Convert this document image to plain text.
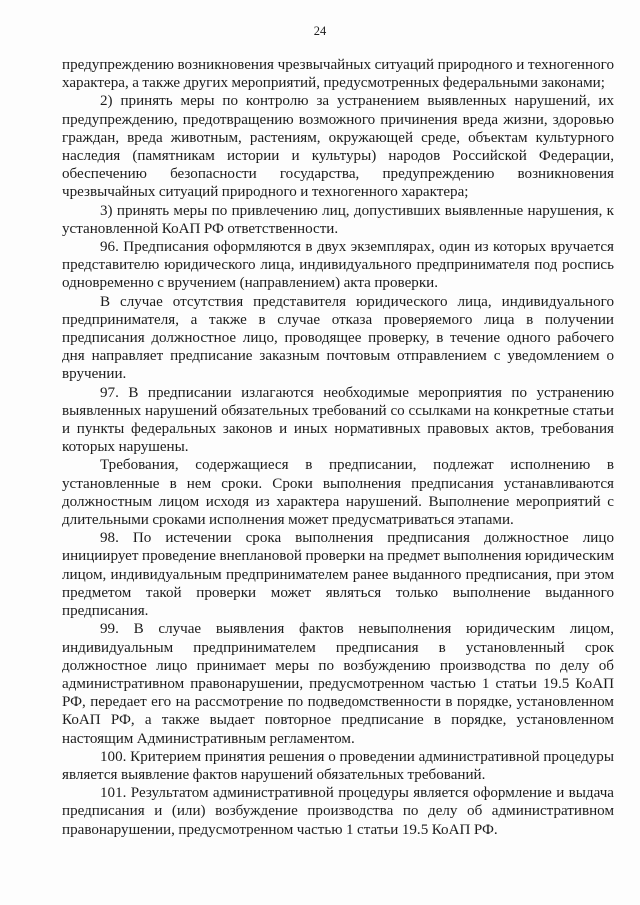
24

предупреждению возникновения чрезвычайных ситуаций природного и техногенного характера, а также других мероприятий, предусмотренных федеральными законами;

2) принять меры по контролю за устранением выявленных нарушений, их предупреждению, предотвращению возможного причинения вреда жизни, здоровью граждан, вреда животным, растениям, окружающей среде, объектам культурного наследия (памятникам истории и культуры) народов Российской Федерации, обеспечению безопасности государства, предупреждению возникновения чрезвычайных ситуаций природного и техногенного характера;

3) принять меры по привлечению лиц, допустивших выявленные нарушения, к установленной КоАП РФ ответственности.

96. Предписания оформляются в двух экземплярах, один из которых вручается представителю юридического лица, индивидуального предпринимателя под роспись одновременно с вручением (направлением) акта проверки.

В случае отсутствия представителя юридического лица, индивидуального предпринимателя, а также в случае отказа проверяемого лица в получении предписания должностное лицо, проводящее проверку, в течение одного рабочего дня направляет предписание заказным почтовым отправлением с уведомлением о вручении.

97. В предписании излагаются необходимые мероприятия по устранению выявленных нарушений обязательных требований со ссылками на конкретные статьи и пункты федеральных законов и иных нормативных правовых актов, требования которых нарушены.

Требования, содержащиеся в предписании, подлежат исполнению в установленные в нем сроки. Сроки выполнения предписания устанавливаются должностным лицом исходя из характера нарушений. Выполнение мероприятий с длительными сроками исполнения может предусматриваться этапами.

98. По истечении срока выполнения предписания должностное лицо инициирует проведение внеплановой проверки на предмет выполнения юридическим лицом, индивидуальным предпринимателем ранее выданного предписания, при этом предметом такой проверки может являться только выполнение выданного предписания.

99. В случае выявления фактов невыполнения юридическим лицом, индивидуальным предпринимателем предписания в установленный срок должностное лицо принимает меры по возбуждению производства по делу об административном правонарушении, предусмотренном частью 1 статьи 19.5 КоАП РФ, передает его на рассмотрение по подведомственности в порядке, установленном КоАП РФ, а также выдает повторное предписание в порядке, установленном настоящим Административным регламентом.

100. Критерием принятия решения о проведении административной процедуры является выявление фактов нарушений обязательных требований.

101. Результатом административной процедуры является оформление и выдача предписания и (или) возбуждение производства по делу об административном правонарушении, предусмотренном частью 1 статьи 19.5 КоАП РФ.
